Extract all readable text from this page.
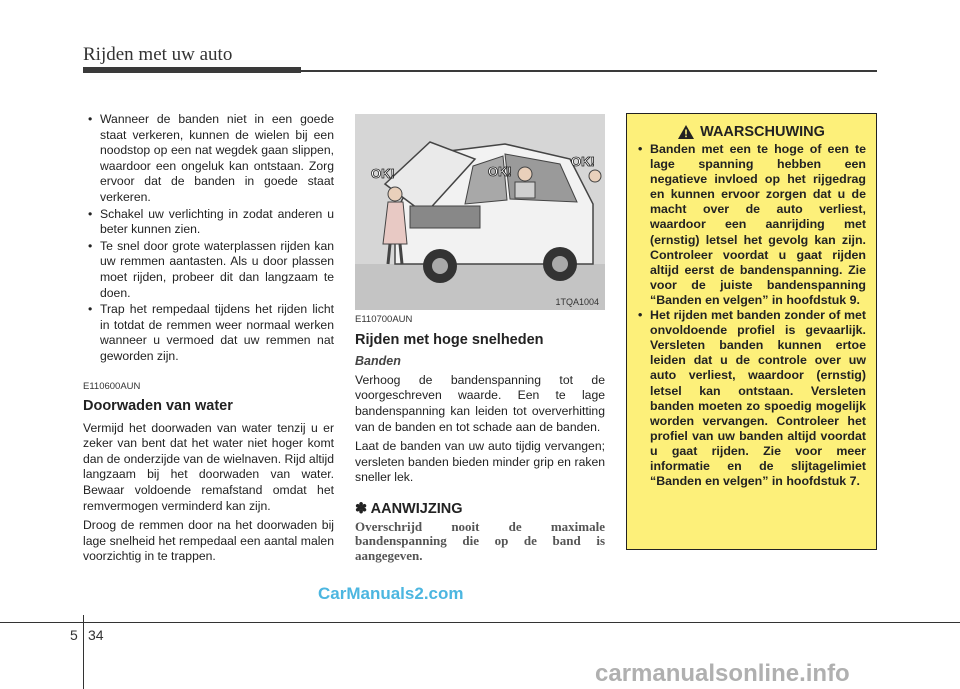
Rijden met uw auto
• Wanneer de banden niet in een goede staat verkeren, kunnen de wielen bij een noodstop op een nat wegdek gaan slippen, waardoor een ongeluk kan ontstaan. Zorg ervoor dat de banden in goede staat verkeren.
• Schakel uw verlichting in zodat anderen u beter kunnen zien.
• Te snel door grote waterplassen rijden kan uw remmen aantasten. Als u door plassen moet rijden, probeer dit dan langzaam te doen.
• Trap het rempedaal tijdens het rijden licht in totdat de remmen weer normaal werken wanneer u vermoed dat uw remmen nat geworden zijn.
E110600AUN
Doorwaden van water

Vermijd het doorwaden van water tenzij u er zeker van bent dat het water niet hoger komt dan de onderzijde van de wielnaven. Rijd altijd langzaam bij het doorwaden van water. Bewaar voldoende remafstand omdat het remvermogen verminderd kan zijn.

Droog de remmen door na het doorwaden bij lage snelheid het rempedaal een aantal malen voorzichtig in te trappen.

OK!	OK!
OK!
1TQA1004
E110700AUN
Rijden met hoge snelheden
Banden

Verhoog de bandenspanning tot de voorgeschreven waarde. Een te lage bandenspanning kan leiden tot oververhitting van de banden en tot schade aan de banden.

Laat de banden van uw auto tijdig vervangen; versleten banden bieden minder grip en raken sneller lek.

✽ AANWIJZING
Overschrijd nooit de maximale bandenspanning die op de band is aangegeven.
WAARSCHUWING
• Banden met een te hoge of een te lage spanning hebben een negatieve invloed op het rijgedrag en kunnen ervoor zorgen dat u de macht over de auto verliest, waardoor een aanrijding met (ernstig) letsel het gevolg kan zijn. Controleer voordat u gaat rijden altijd eerst de bandenspanning. Zie voor de juiste bandenspanning “Banden en velgen” in hoofdstuk 9.
• Het rijden met banden zonder of met onvoldoende profiel is gevaarlijk. Versleten banden kunnen ertoe leiden dat u de controle over uw auto verliest, waardoor (ernstig) letsel kan ontstaan. Versleten banden moeten zo spoedig mogelijk worden vervangen. Controleer het profiel van uw banden altijd voordat u gaat rijden. Zie voor meer informatie en de slijtagelimiet “Banden en velgen” in hoofdstuk 7.
5 34
CarManuals2.com
carmanualsonline.info
